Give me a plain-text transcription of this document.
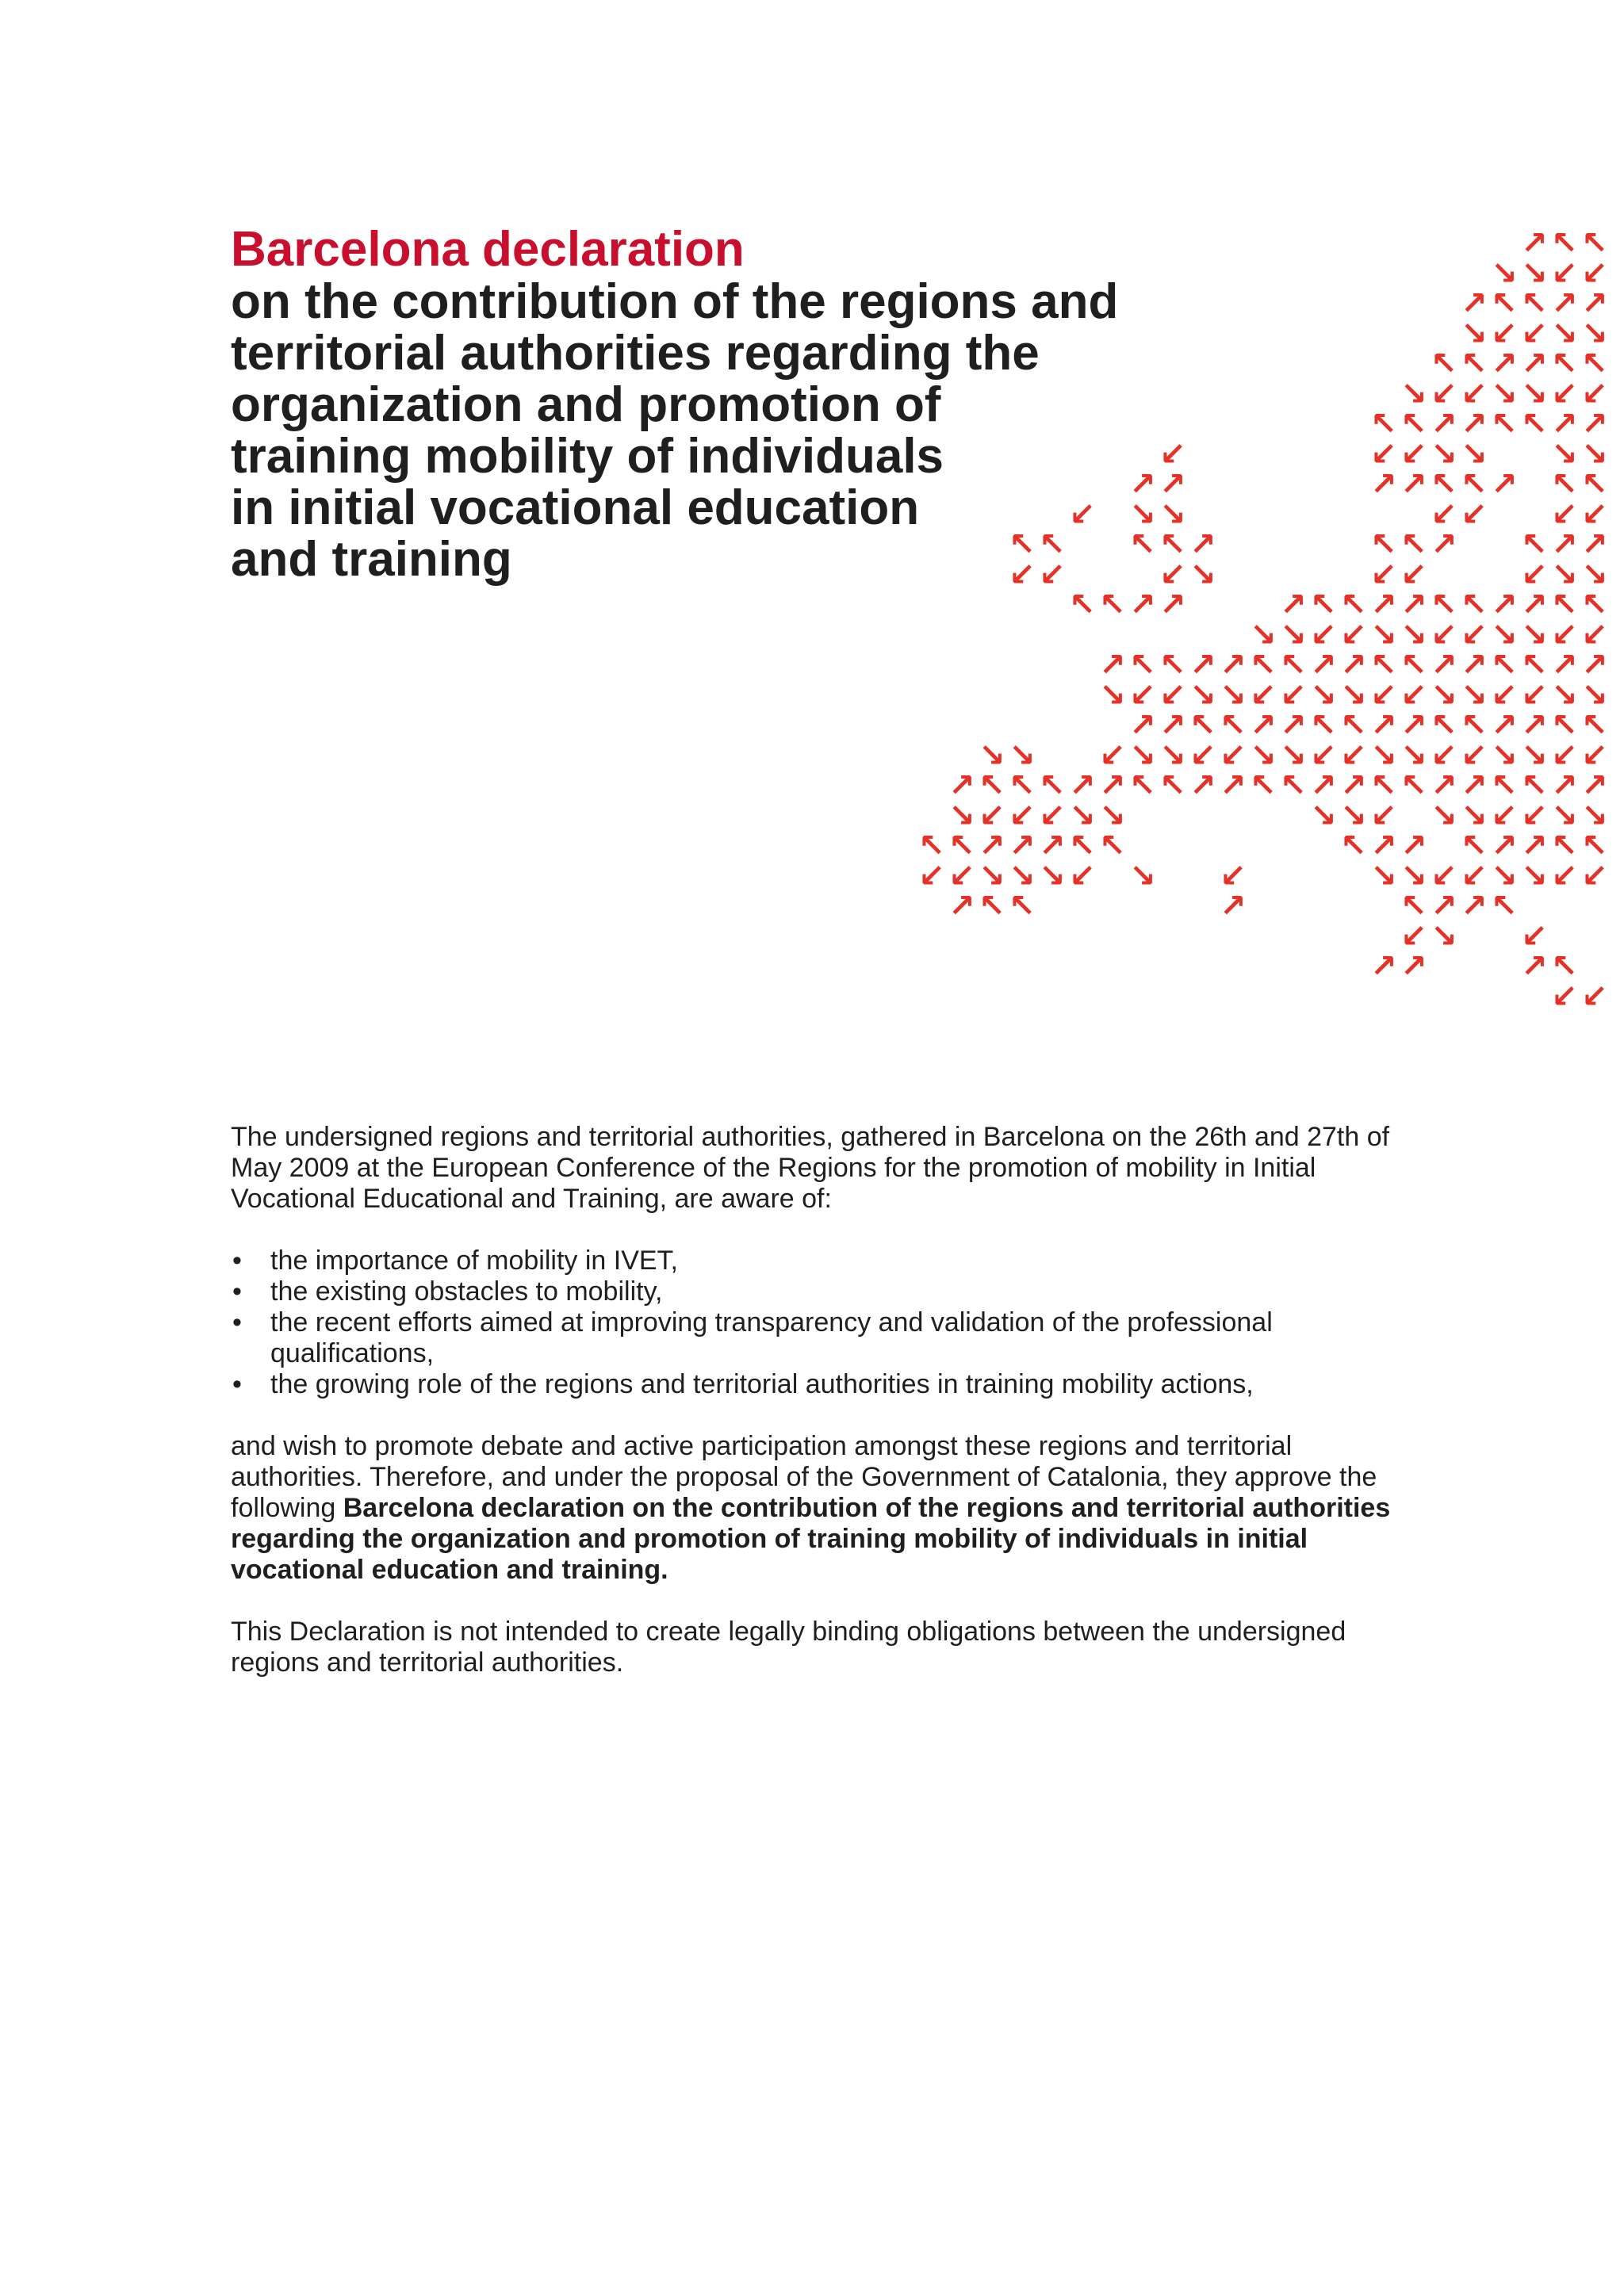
Barcelona declaration
on the contribution of the regions and
territorial authorities regarding the
organization and promotion of
training mobility of individuals
in initial vocational education
and training
↗ ↖ ↖
↘ ↘ ↙ ↙
↗ ↖ ↖ ↗ ↗
↘ ↙ ↙ ↘ ↘
↖ ↖ ↗ ↗ ↖ ↖
↘ ↙ ↙ ↘ ↘ ↙ ↙
↖ ↖ ↗ ↗ ↖ ↖ ↗ ↗
↙	↙ ↙ ↘ ↘ ↘ ↘
↗ ↗	↗ ↗ ↖ ↖ ↗ ↖ ↖
↙ ↘ ↘	↙ ↙ ↙ ↙
↖ ↖ ↖ ↖ ↗	↖ ↖ ↗ ↖ ↗ ↗
↙ ↙	↙ ↘	↙ ↙	↙ ↘ ↘
↖ ↖ ↗ ↗	↗ ↖ ↖ ↗ ↗ ↖ ↖ ↗ ↗ ↖ ↖
↘ ↘ ↙ ↙ ↘ ↘ ↙ ↙ ↘ ↘ ↙ ↙
↗ ↖ ↖ ↗ ↗ ↖ ↖ ↗ ↗ ↖ ↖ ↗ ↗ ↖ ↖ ↗ ↗
↘ ↙ ↙ ↘ ↘ ↙ ↙ ↘ ↘ ↙ ↙ ↘ ↘ ↙ ↙ ↘ ↘
↗ ↗ ↖ ↖ ↗ ↗ ↖ ↖ ↗ ↗ ↖ ↖ ↗ ↗ ↖ ↖
↘ ↘ ↙ ↘ ↘ ↙ ↙ ↘ ↘ ↙ ↙ ↘ ↘ ↙ ↙ ↘ ↘ ↙ ↙
↗ ↖ ↖ ↖ ↗ ↗ ↖ ↖ ↗ ↗ ↖ ↖ ↗ ↗ ↖ ↖ ↗ ↗ ↖ ↖ ↗ ↗
↘ ↙ ↙ ↙ ↘ ↘	↘ ↘ ↙ ↘ ↘ ↙ ↙ ↘ ↘
↖ ↖ ↗ ↗ ↗ ↖ ↖	↖ ↗ ↗ ↖ ↗ ↗ ↖ ↖
↙ ↙ ↘ ↘ ↘ ↙ ↘ ↙	↘ ↘ ↙ ↙ ↘ ↘ ↙ ↙
↗ ↖ ↖	↗	↖ ↗ ↗ ↖
↙ ↘ ↙
↗ ↗	↗ ↖
↙ ↙

The undersigned regions and territorial authorities, gathered in Barcelona on the 26th and 27th of May 2009 at the European Conference of the Regions for the promotion of mobility in Initial Vocational Educational and Training, are aware of:

• the importance of mobility in IVET,
• the existing obstacles to mobility,
• the recent efforts aimed at improving transparency and validation of the professional qualifications,
• the growing role of the regions and territorial authorities in training mobility actions,

and wish to promote debate and active participation amongst these regions and territorial authorities. Therefore, and under the proposal of the Government of Catalonia, they approve the following Barcelona declaration on the contribution of the regions and territorial authorities regarding the organization and promotion of training mobility of individuals in initial vocational education and training.

This Declaration is not intended to create legally binding obligations between the undersigned regions and territorial authorities.
